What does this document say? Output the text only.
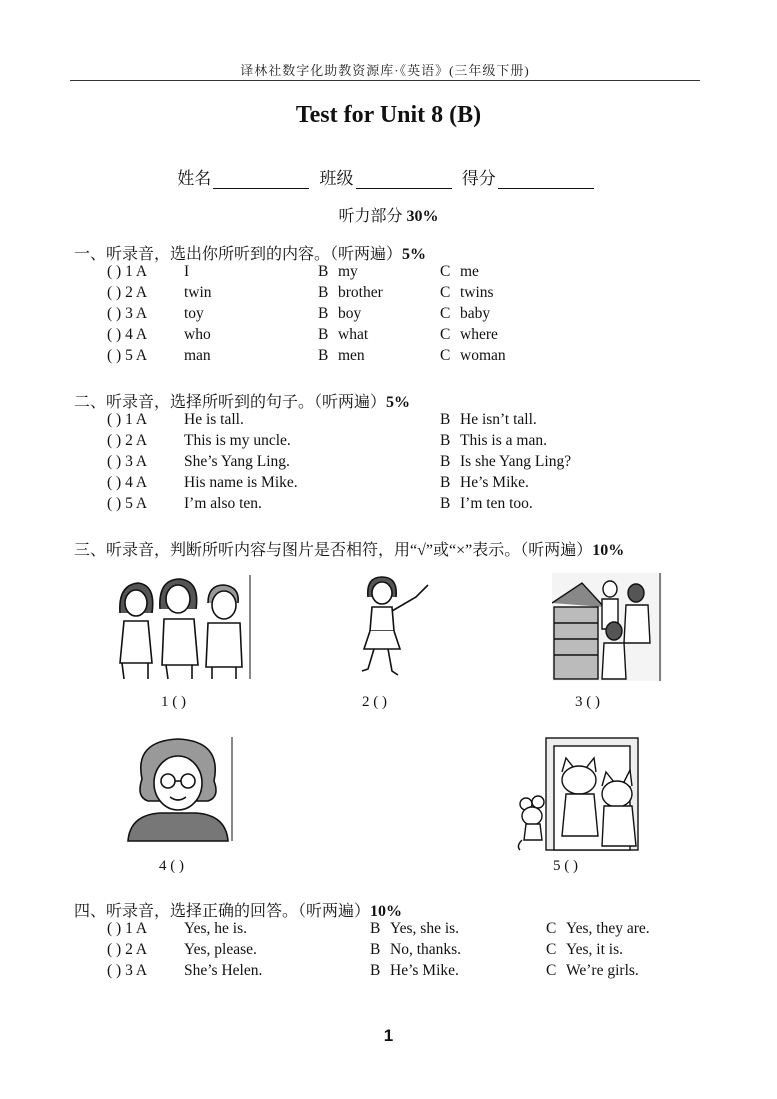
译林社数字化助教资源库·《英语》(三年级下册)
Test for Unit 8 (B)
姓名	班级	得分
听力部分 30%
一、听录音，选出你所听到的内容。（听两遍）5%
( ) 1 A I	B my	C me
( ) 2 A twin	B brother	C twins
( ) 3 A toy	B boy	C baby
( ) 4 A who	B what	C where
( ) 5 A man	B men	C woman
二、听录音，选择所听到的句子。（听两遍）5%
( ) 1 A He is tall.	B He isn’t tall.
( ) 2 A This is my uncle.	B This is a man.
( ) 3 A She’s Yang Ling.	B Is she Yang Ling?
( ) 4 A His name is Mike.	B He’s Mike.
( ) 5 A I’m also ten.	B I’m ten too.
三、听录音，判断所听内容与图片是否相符，用“√”或“×”表示。（听两遍）10%
1 ( )	2 ( )	3 ( )
4 ( )	5 ( )
四、听录音，选择正确的回答。（听两遍）10%
( ) 1 A Yes, he is.	B Yes, she is.	C Yes, they are.
( ) 2 A Yes, please.	B No, thanks.	C Yes, it is.
( ) 3 A She’s Helen.	B He’s Mike.	C We’re girls.
1
